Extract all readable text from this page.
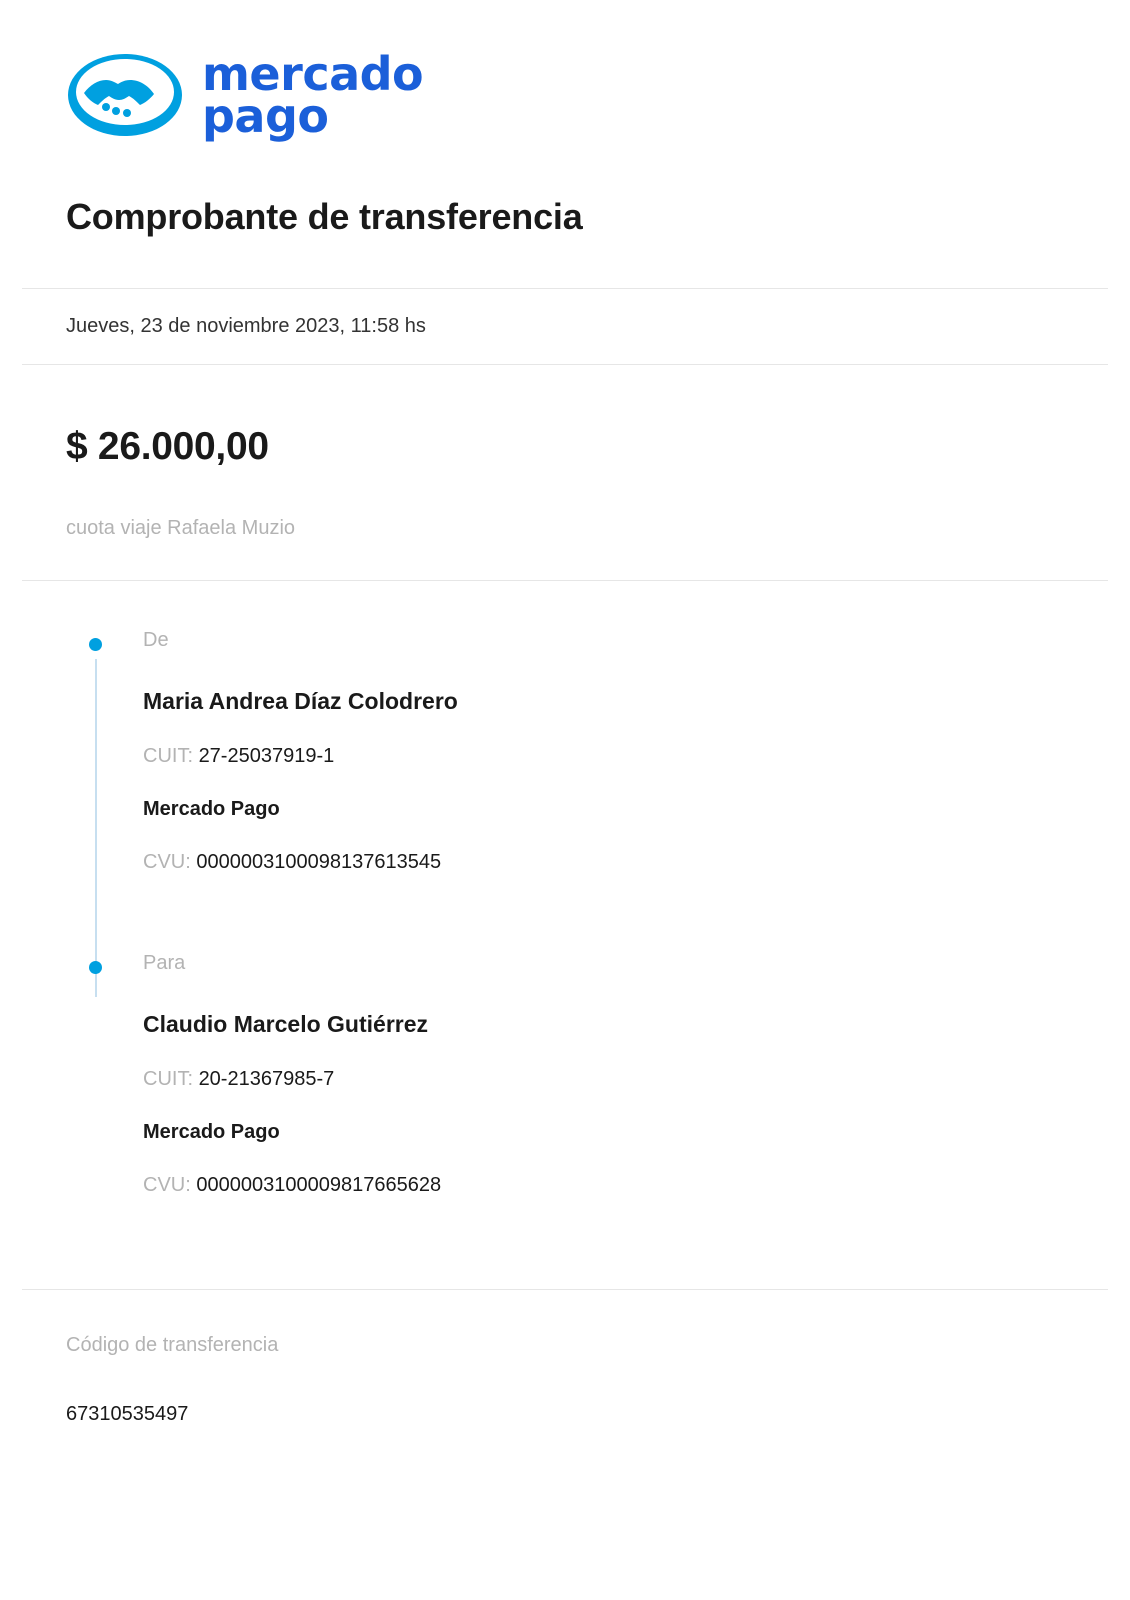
mercado
pago
Comprobante de transferencia
Jueves, 23 de noviembre 2023, 11:58 hs
$ 26.000,00
cuota viaje Rafaela Muzio
De
Maria Andrea Díaz Colodrero
CUIT: 27-25037919-1
Mercado Pago
CVU: 0000003100098137613545
Para
Claudio Marcelo Gutiérrez
CUIT: 20-21367985-7
Mercado Pago
CVU: 0000003100009817665628
Código de transferencia
67310535497
